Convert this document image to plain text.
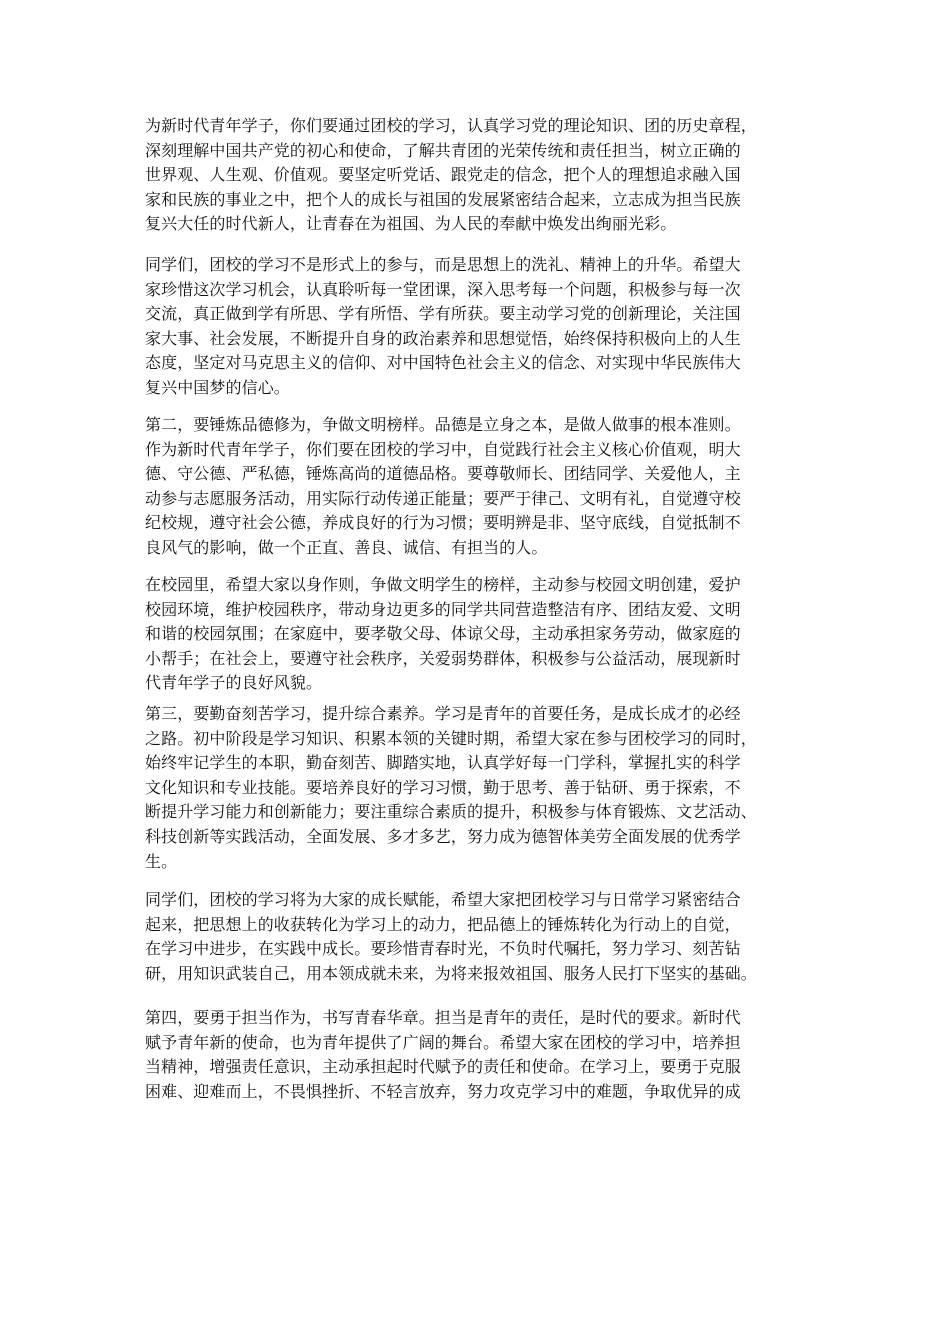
为新时代青年学子，你们要通过团校的学习，认真学习党的理论知识、团的历史章程，
深刻理解中国共产党的初心和使命，了解共青团的光荣传统和责任担当，树立正确的
世界观、人生观、价值观。要坚定听党话、跟党走的信念，把个人的理想追求融入国
家和民族的事业之中，把个人的成长与祖国的发展紧密结合起来，立志成为担当民族
复兴大任的时代新人，让青春在为祖国、为人民的奉献中焕发出绚丽光彩。

同学们，团校的学习不是形式上的参与，而是思想上的洗礼、精神上的升华。希望大
家珍惜这次学习机会，认真聆听每一堂团课，深入思考每一个问题，积极参与每一次
交流，真正做到学有所思、学有所悟、学有所获。要主动学习党的创新理论，关注国
家大事、社会发展，不断提升自身的政治素养和思想觉悟，始终保持积极向上的人生
态度，坚定对马克思主义的信仰、对中国特色社会主义的信念、对实现中华民族伟大
复兴中国梦的信心。

第二，要锤炼品德修为，争做文明榜样。品德是立身之本，是做人做事的根本准则。
作为新时代青年学子，你们要在团校的学习中，自觉践行社会主义核心价值观，明大
德、守公德、严私德，锤炼高尚的道德品格。要尊敬师长、团结同学、关爱他人，主
动参与志愿服务活动，用实际行动传递正能量；要严于律己、文明有礼，自觉遵守校
纪校规，遵守社会公德，养成良好的行为习惯；要明辨是非、坚守底线，自觉抵制不
良风气的影响，做一个正直、善良、诚信、有担当的人。

在校园里，希望大家以身作则，争做文明学生的榜样，主动参与校园文明创建，爱护
校园环境，维护校园秩序，带动身边更多的同学共同营造整洁有序、团结友爱、文明
和谐的校园氛围；在家庭中，要孝敬父母、体谅父母，主动承担家务劳动，做家庭的
小帮手；在社会上，要遵守社会秩序，关爱弱势群体，积极参与公益活动，展现新时
代青年学子的良好风貌。

第三，要勤奋刻苦学习，提升综合素养。学习是青年的首要任务，是成长成才的必经
之路。初中阶段是学习知识、积累本领的关键时期，希望大家在参与团校学习的同时，
始终牢记学生的本职，勤奋刻苦、脚踏实地，认真学好每一门学科，掌握扎实的科学
文化知识和专业技能。要培养良好的学习习惯，勤于思考、善于钻研、勇于探索，不
断提升学习能力和创新能力；要注重综合素质的提升，积极参与体育锻炼、文艺活动、
科技创新等实践活动，全面发展、多才多艺，努力成为德智体美劳全面发展的优秀学
生。

同学们，团校的学习将为大家的成长赋能，希望大家把团校学习与日常学习紧密结合
起来，把思想上的收获转化为学习上的动力，把品德上的锤炼转化为行动上的自觉，
在学习中进步，在实践中成长。要珍惜青春时光，不负时代嘱托，努力学习、刻苦钻
研，用知识武装自己，用本领成就未来，为将来报效祖国、服务人民打下坚实的基础。

第四，要勇于担当作为，书写青春华章。担当是青年的责任，是时代的要求。新时代
赋予青年新的使命，也为青年提供了广阔的舞台。希望大家在团校的学习中，培养担
当精神，增强责任意识，主动承担起时代赋予的责任和使命。在学习上，要勇于克服
困难、迎难而上，不畏惧挫折、不轻言放弃，努力攻克学习中的难题，争取优异的成
